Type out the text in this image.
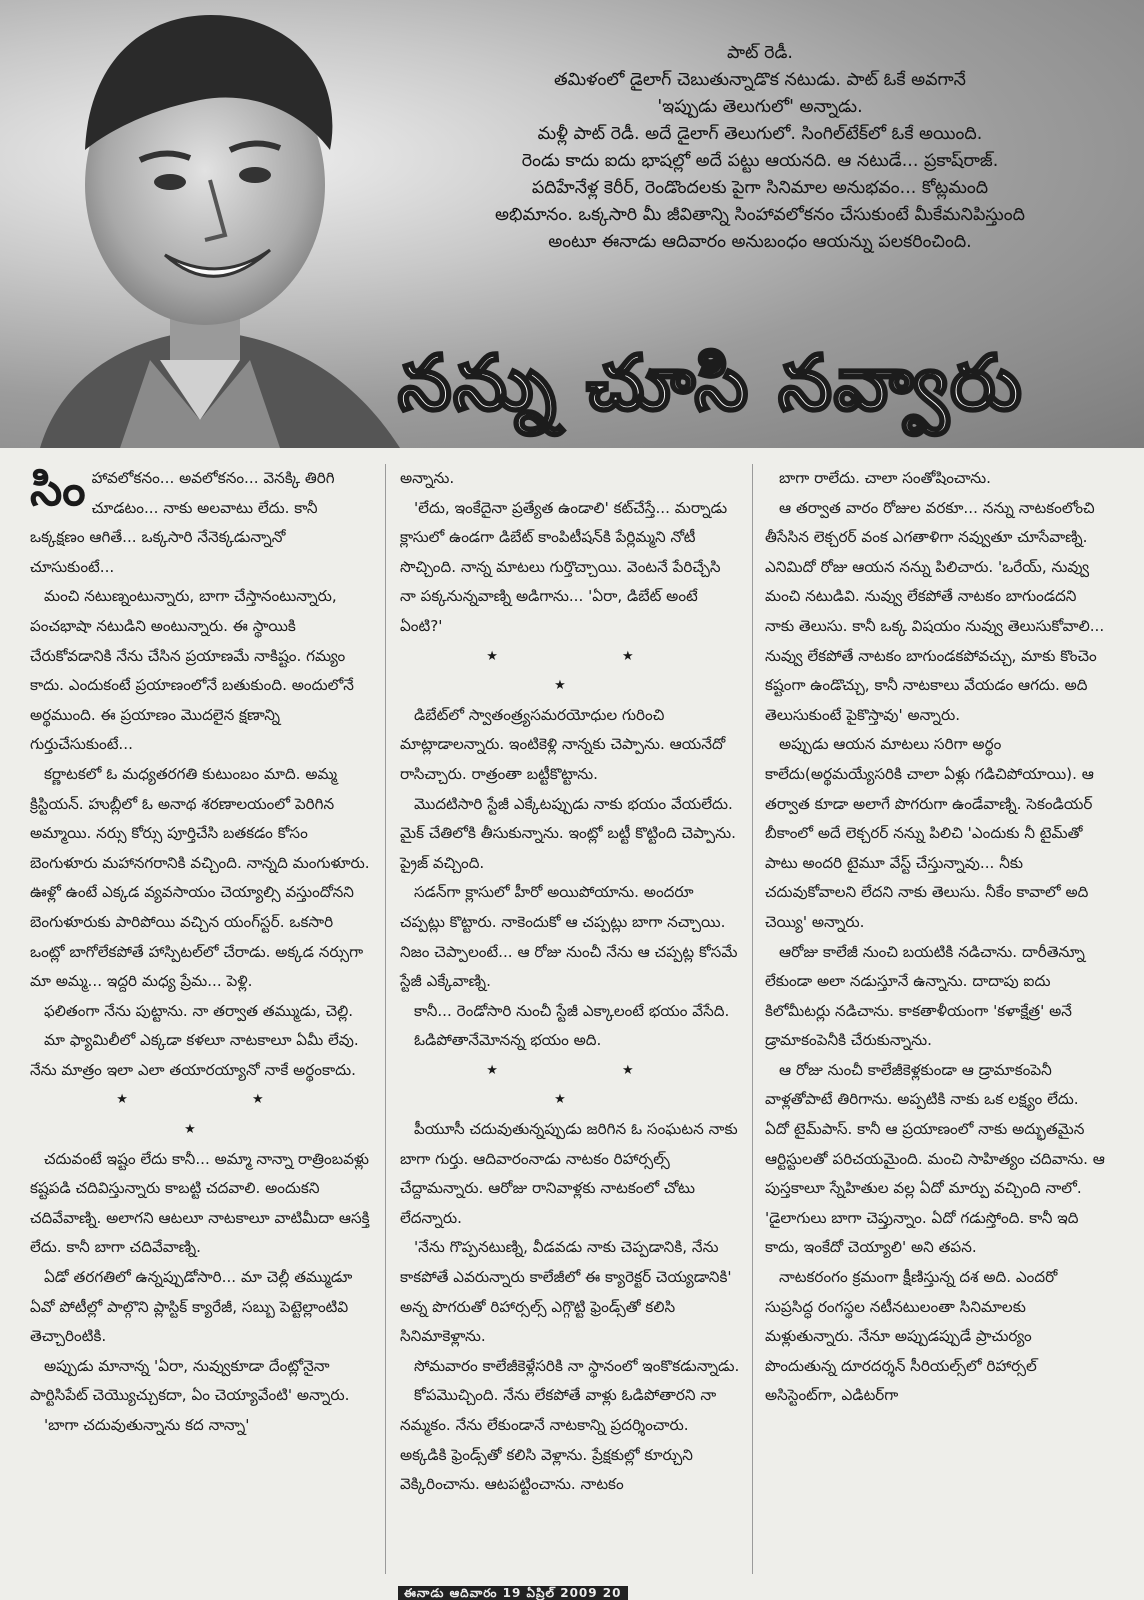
పాట్ రెడీ.
తమిళంలో డైలాగ్ చెబుతున్నాడొక నటుడు. పాట్ ఓకే అవగానే
'ఇప్పుడు తెలుగులో' అన్నాడు.
మళ్లీ పాట్ రెడీ. అదే డైలాగ్ తెలుగులో. సింగిల్‌టేక్‌లో ఓకే అయింది.
రెండు కాదు ఐదు భాషల్లో అదే పట్టు ఆయనది. ఆ నటుడే... ప్రకాష్‌రాజ్.
పదిహేనేళ్ల కెరీర్, రెండొందలకు పైగా సినిమాల అనుభవం... కోట్లమంది
అభిమానం. ఒక్కసారి మీ జీవితాన్ని సింహావలోకనం చేసుకుంటే మీకేమనిపిస్తుంది
అంటూ ఈనాడు ఆదివారం అనుబంధం ఆయన్ను పలకరించింది.
నన్ను చూసి నవ్వారు

సింహావలోకనం... అవలోకనం... వెనక్కి తిరిగి చూడటం... నాకు అలవాటు లేదు. కానీ ఒక్కక్షణం ఆగితే... ఒక్కసారి నేనెక్కడున్నానో చూసుకుంటే...

మంచి నటుణ్నంటున్నారు, బాగా చేస్తానంటున్నారు, పంచభాషా నటుడిని అంటున్నారు. ఈ స్థాయికి చేరుకోవడానికి నేను చేసిన ప్రయాణమే నాకిష్టం. గమ్యం కాదు. ఎందుకంటే ప్రయాణంలోనే బతుకుంది. అందులోనే అర్థముంది. ఈ ప్రయాణం మొదలైన క్షణాన్ని గుర్తుచేసుకుంటే...

కర్ణాటకలో ఓ మధ్యతరగతి కుటుంబం మాది. అమ్మ క్రిస్టియన్. హుబ్లీలో ఓ అనాథ శరణాలయంలో పెరిగిన అమ్మాయి. నర్సు కోర్సు పూర్తిచేసి బతకడం కోసం బెంగుళూరు మహానగరానికి వచ్చింది. నాన్నది మంగుళూరు. ఊళ్లో ఉంటే ఎక్కడ వ్యవసాయం చెయ్యాల్సి వస్తుందోనని బెంగుళూరుకు పారిపోయి వచ్చిన యంగ్‌స్టర్. ఒకసారి ఒంట్లో బాగోలేకపోతే హాస్పిటల్‌లో చేరాడు. అక్కడ నర్సుగా మా అమ్మ... ఇద్దరి మధ్య ప్రేమ... పెళ్లి.

ఫలితంగా నేను పుట్టాను. నా తర్వాత తమ్ముడు, చెల్లి.

మా ఫ్యామిలీలో ఎక్కడా కళలూ నాటకాలూ ఏమీ లేవు. నేను మాత్రం ఇలా ఎలా తయారయ్యానో నాకే అర్థంకాదు.

★ ★ ★

చదువంటే ఇష్టం లేదు కానీ... అమ్మా నాన్నా రాత్రింబవళ్లు కష్టపడి చదివిస్తున్నారు కాబట్టి చదవాలి. అందుకని చదివేవాణ్ని. అలాగని ఆటలూ నాటకాలూ వాటిమీదా ఆసక్తి లేదు. కానీ బాగా చదివేవాణ్ని.

ఏడో తరగతిలో ఉన్నప్పుడోసారి... మా చెల్లీ తమ్ముడూ ఏవో పోటీల్లో పాల్గొని ప్లాస్టిక్ క్యారేజీ, సబ్బు పెట్టెల్లాంటివి తెచ్చారింటికి.

అప్పుడు మానాన్న 'ఏరా, నువ్వుకూడా దేంట్లోనైనా పార్టిసిపేట్ చెయ్యొచ్చుకదా, ఏం చెయ్యావేంటి' అన్నారు.

'బాగా చదువుతున్నాను కద నాన్నా'

అన్నాను.

'లేదు, ఇంకేదైనా ప్రత్యేత ఉండాలి' కట్‌చేస్తే... మర్నాడు క్లాసులో ఉండగా డిబేట్ కాంపిటీషన్‌కి పేర్లిమ్మని నోటీ సొచ్చింది. నాన్న మాటలు గుర్తొచ్చాయి. వెంటనే పేరిచ్చేసి నా పక్కనున్నవాణ్ని అడిగాను... 'ఏరా, డిబేట్ అంటే ఏంటి?'

★ ★ ★

డిబేట్‌లో స్వాతంత్ర్యసమరయోధుల గురించి మాట్లాడాలన్నారు. ఇంటికెళ్లి నాన్నకు చెప్పాను. ఆయనేదో రాసిచ్చారు. రాత్రంతా బట్టీకొట్టాను.

మొదటిసారి స్టేజీ ఎక్కేటప్పుడు నాకు భయం వేయలేదు. మైక్ చేతిలోకి తీసుకున్నాను. ఇంట్లో బట్టీ కొట్టింది చెప్పాను. ప్రైజ్ వచ్చింది.

సడన్‌గా క్లాసులో హీరో అయిపోయాను. అందరూ చప్పట్లు కొట్టారు. నాకెందుకో ఆ చప్పట్లు బాగా నచ్చాయి. నిజం చెప్పాలంటే... ఆ రోజు నుంచీ నేను ఆ చప్పట్ల కోసమే స్టేజీ ఎక్కేవాణ్ని.

కానీ... రెండోసారి నుంచీ స్టేజీ ఎక్కాలంటే భయం వేసేది.

ఓడిపోతానేమోనన్న భయం అది.

★ ★ ★

పీయూసీ చదువుతున్నప్పుడు జరిగిన ఓ సంఘటన నాకు బాగా గుర్తు. ఆదివారంనాడు నాటకం రిహార్సల్స్ చేద్దామన్నారు. ఆరోజు రానివాళ్లకు నాటకంలో చోటు లేదన్నారు.

'నేను గొప్పనటుణ్ని, వీడవడు నాకు చెప్పడానికి, నేను కాకపోతే ఎవరున్నారు కాలేజీలో ఈ క్యారెక్టర్ చెయ్యడానికి' అన్న పొగరుతో రిహార్సల్స్ ఎగ్గొట్టి ఫ్రెండ్స్‌తో కలిసి సినిమాకెళ్లాను.

సోమవారం కాలేజీకెళ్లేసరికి నా స్థానంలో ఇంకొకడున్నాడు.

కోపమొచ్చింది. నేను లేకపోతే వాళ్లు ఓడిపోతారని నా నమ్మకం. నేను లేకుండానే నాటకాన్ని ప్రదర్శించారు. అక్కడికి ఫ్రెండ్స్‌తో కలిసి వెళ్లాను. ప్రేక్షకుల్లో కూర్చుని వెక్కిరించాను. ఆటపట్టించాను. నాటకం

బాగా రాలేదు. చాలా సంతోషించాను.

ఆ తర్వాత వారం రోజుల వరకూ... నన్ను నాటకంలోంచి తీసేసిన లెక్చరర్ వంక ఎగతాళిగా నవ్వుతూ చూసేవాణ్ని. ఎనిమిదో రోజు ఆయన నన్ను పిలిచారు. 'ఒరేయ్, నువ్వు మంచి నటుడివి. నువ్వు లేకపోతే నాటకం బాగుండదని నాకు తెలుసు. కానీ ఒక్క విషయం నువ్వు తెలుసుకోవాలి... నువ్వు లేకపోతే నాటకం బాగుండకపోవచ్చు, మాకు కొంచెం కష్టంగా ఉండొచ్చు, కానీ నాటకాలు వేయడం ఆగదు. అది తెలుసుకుంటే పైకొస్తావు' అన్నారు.

అప్పుడు ఆయన మాటలు సరిగా అర్థం కాలేదు(అర్థమయ్యేసరికి చాలా ఏళ్లు గడిచిపోయాయి). ఆ తర్వాత కూడా అలాగే పొగరుగా ఉండేవాణ్ని. సెకండియర్ బీకాంలో అదే లెక్చరర్ నన్ను పిలిచి 'ఎందుకు నీ టైమ్‌తో పాటు అందరి టైమూ వేస్ట్ చేస్తున్నావు... నీకు చదువుకోవాలని లేదని నాకు తెలుసు. నీకేం కావాలో అది చెయ్యి' అన్నారు.

ఆరోజు కాలేజీ నుంచి బయటికి నడిచాను. దారీతెన్నూ లేకుండా అలా నడుస్తూనే ఉన్నాను. దాదాపు ఐదు కిలోమీటర్లు నడిచాను. కాకతాళీయంగా 'కళాక్షేత్ర' అనే డ్రామాకంపెనీకి చేరుకున్నాను.

ఆ రోజు నుంచీ కాలేజీకెళ్లకుండా ఆ డ్రామాకంపెనీ వాళ్లతోపాటే తిరిగాను. అప్పటికి నాకు ఒక లక్ష్యం లేదు. ఏదో టైమ్‌పాస్. కానీ ఆ ప్రయాణంలో నాకు అద్భుతమైన ఆర్టిస్టులతో పరిచయమైంది. మంచి సాహిత్యం చదివాను. ఆ పుస్తకాలూ స్నేహితుల వల్ల ఏదో మార్పు వచ్చింది నాలో. 'డైలాగులు బాగా చెప్తున్నాం. ఏదో గడుస్తోంది. కానీ ఇది కాదు, ఇంకేదో చెయ్యాలి' అని తపన.

నాటకరంగం క్రమంగా క్షీణిస్తున్న దశ అది. ఎందరో సుప్రసిద్ధ రంగస్థల నటీనటులంతా సినిమాలకు మళ్లుతున్నారు. నేనూ అప్పుడప్పుడే ప్రాచుర్యం పొందుతున్న దూరదర్శన్ సీరియల్స్‌లో రిహార్సల్ అసిస్టెంట్‌గా, ఎడిటర్‌గా

ఈనాడు ఆదివారం 19 ఏప్రిల్ 2009 20
